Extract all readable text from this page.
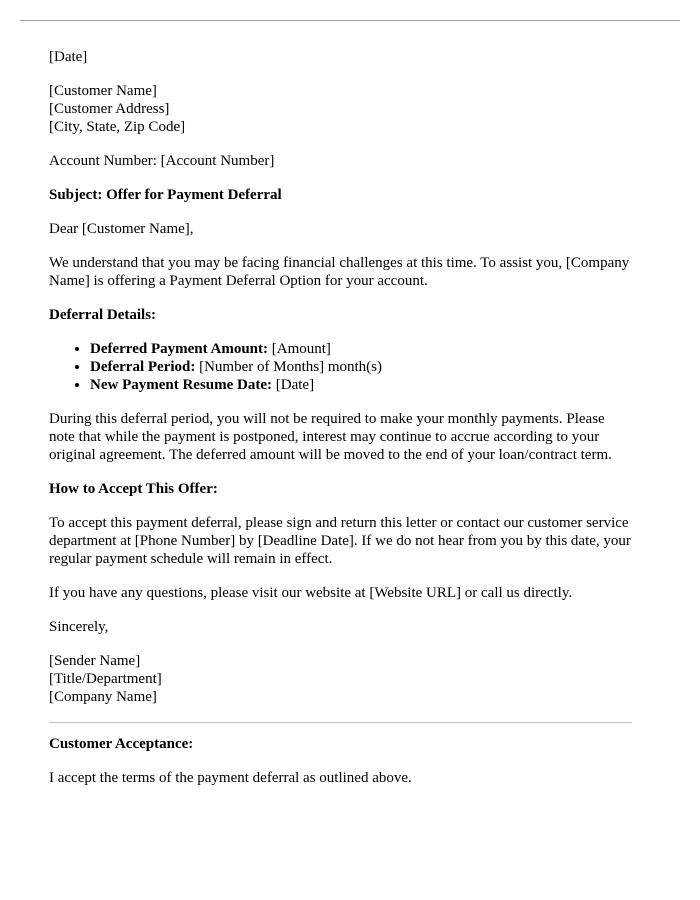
[Date]

[Customer Name]
[Customer Address]
[City, State, Zip Code]

Account Number: [Account Number]

Subject: Offer for Payment Deferral

Dear [Customer Name],

We understand that you may be facing financial challenges at this time. To assist you, [Company Name] is offering a Payment Deferral Option for your account.

Deferral Details:

• Deferred Payment Amount: [Amount]
• Deferral Period: [Number of Months] month(s)
• New Payment Resume Date: [Date]

During this deferral period, you will not be required to make your monthly payments. Please note that while the payment is postponed, interest may continue to accrue according to your original agreement. The deferred amount will be moved to the end of your loan/contract term.

How to Accept This Offer:

To accept this payment deferral, please sign and return this letter or contact our customer service department at [Phone Number] by [Deadline Date]. If we do not hear from you by this date, your regular payment schedule will remain in effect.

If you have any questions, please visit our website at [Website URL] or call us directly.

Sincerely,

[Sender Name]
[Title/Department]
[Company Name]

Customer Acceptance:

I accept the terms of the payment deferral as outlined above.
